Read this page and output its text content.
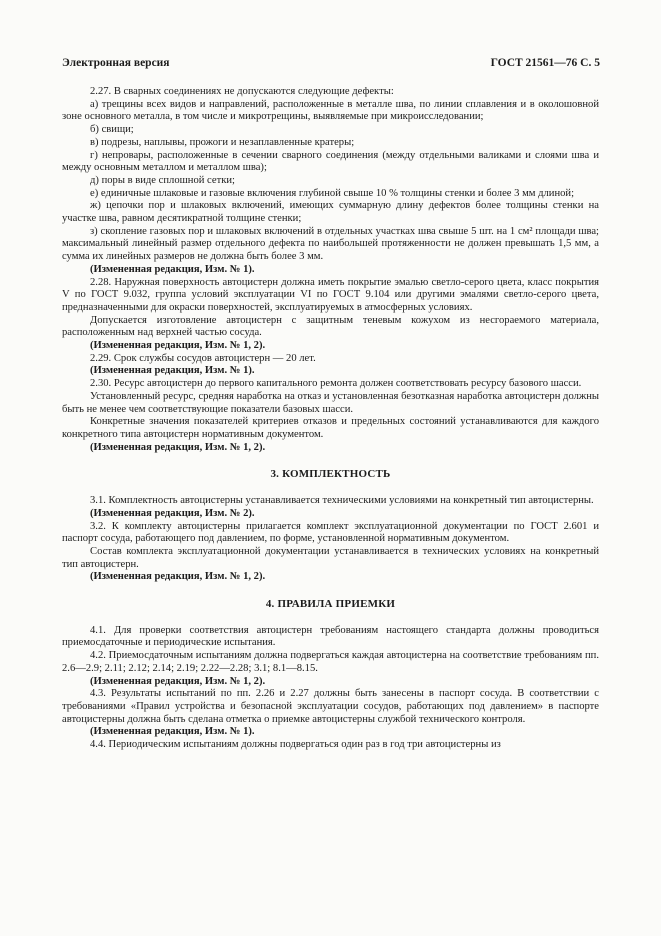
Электронная версия	ГОСТ 21561—76 С. 5

2.27. В сварных соединениях не допускаются следующие дефекты:

а) трещины всех видов и направлений, расположенные в металле шва, по линии сплавления и в околошовной зоне основного металла, в том числе и микротрещины, выявляемые при микроисследовании;

б) свищи;

в) подрезы, наплывы, прожоги и незаплавленные кратеры;

г) непровары, расположенные в сечении сварного соединения (между отдельными валиками и слоями шва и между основным металлом и металлом шва);

д) поры в виде сплошной сетки;

е) единичные шлаковые и газовые включения глубиной свыше 10 % толщины стенки и более 3 мм длиной;

ж) цепочки пор и шлаковых включений, имеющих суммарную длину дефектов более толщины стенки на участке шва, равном десятикратной толщине стенки;

з) скопление газовых пор и шлаковых включений в отдельных участках шва свыше 5 шт. на 1 см² площади шва; максимальный линейный размер отдельного дефекта по наибольшей протяженности не должен превышать 1,5 мм, а сумма их линейных размеров не должна быть более 3 мм.

(Измененная редакция, Изм. № 1).

2.28. Наружная поверхность автоцистерн должна иметь покрытие эмалью светло-серого цвета, класс покрытия V по ГОСТ 9.032, группа условий эксплуатации VI по ГОСТ 9.104 или другими эмалями светло-серого цвета, предназначенными для окраски поверхностей, эксплуатируемых в атмосферных условиях.

Допускается изготовление автоцистерн с защитным теневым кожухом из несгораемого материала, расположенным над верхней частью сосуда.

(Измененная редакция, Изм. № 1, 2).

2.29. Срок службы сосудов автоцистерн — 20 лет.

(Измененная редакция, Изм. № 1).

2.30. Ресурс автоцистерн до первого капитального ремонта должен соответствовать ресурсу базового шасси.

Установленный ресурс, средняя наработка на отказ и установленная безотказная наработка автоцистерн должны быть не менее чем соответствующие показатели базовых шасси.

Конкретные значения показателей критериев отказов и предельных состояний устанавливаются для каждого конкретного типа автоцистерн нормативным документом.

(Измененная редакция, Изм. № 1, 2).

3. КОМПЛЕКТНОСТЬ

3.1. Комплектность автоцистерны устанавливается техническими условиями на конкретный тип автоцистерны.

(Измененная редакция, Изм. № 2).

3.2. К комплекту автоцистерны прилагается комплект эксплуатационной документации по ГОСТ 2.601 и паспорт сосуда, работающего под давлением, по форме, установленной нормативным документом.

Состав комплекта эксплуатационной документации устанавливается в технических условиях на конкретный тип автоцистерн.

(Измененная редакция, Изм. № 1, 2).

4. ПРАВИЛА ПРИЕМКИ

4.1. Для проверки соответствия автоцистерн требованиям настоящего стандарта должны проводиться приемосдаточные и периодические испытания.

4.2. Приемосдаточным испытаниям должна подвергаться каждая автоцистерна на соответствие требованиям пп. 2.6—2.9; 2.11; 2.12; 2.14; 2.19; 2.22—2.28; 3.1; 8.1—8.15.

(Измененная редакция, Изм. № 1, 2).

4.3. Результаты испытаний по пп. 2.26 и 2.27 должны быть занесены в паспорт сосуда. В соответствии с требованиями «Правил устройства и безопасной эксплуатации сосудов, работающих под давлением» в паспорте автоцистерны должна быть сделана отметка о приемке автоцистерны службой технического контроля.

(Измененная редакция, Изм. № 1).

4.4. Периодическим испытаниям должны подвергаться один раз в год три автоцистерны из
